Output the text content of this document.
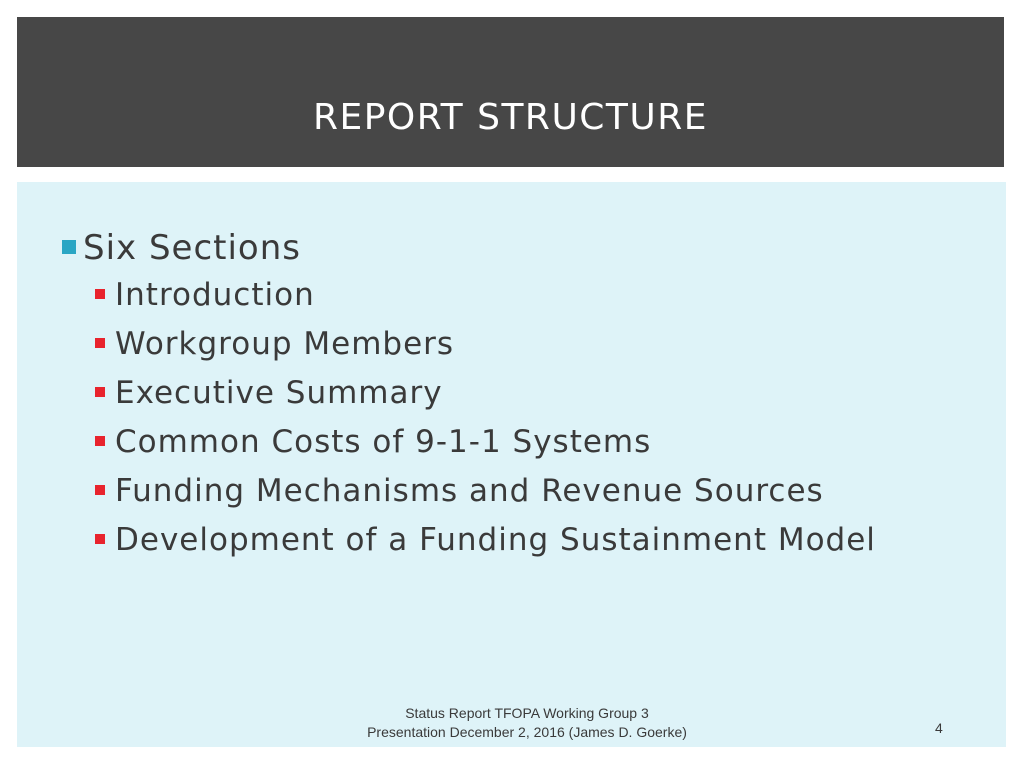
REPORT STRUCTURE
Six Sections
Introduction
Workgroup Members
Executive Summary
Common Costs of 9-1-1 Systems
Funding Mechanisms and Revenue Sources
Development of a Funding Sustainment Model
Status Report TFOPA Working Group 3
Presentation December 2, 2016 (James D. Goerke)	4
